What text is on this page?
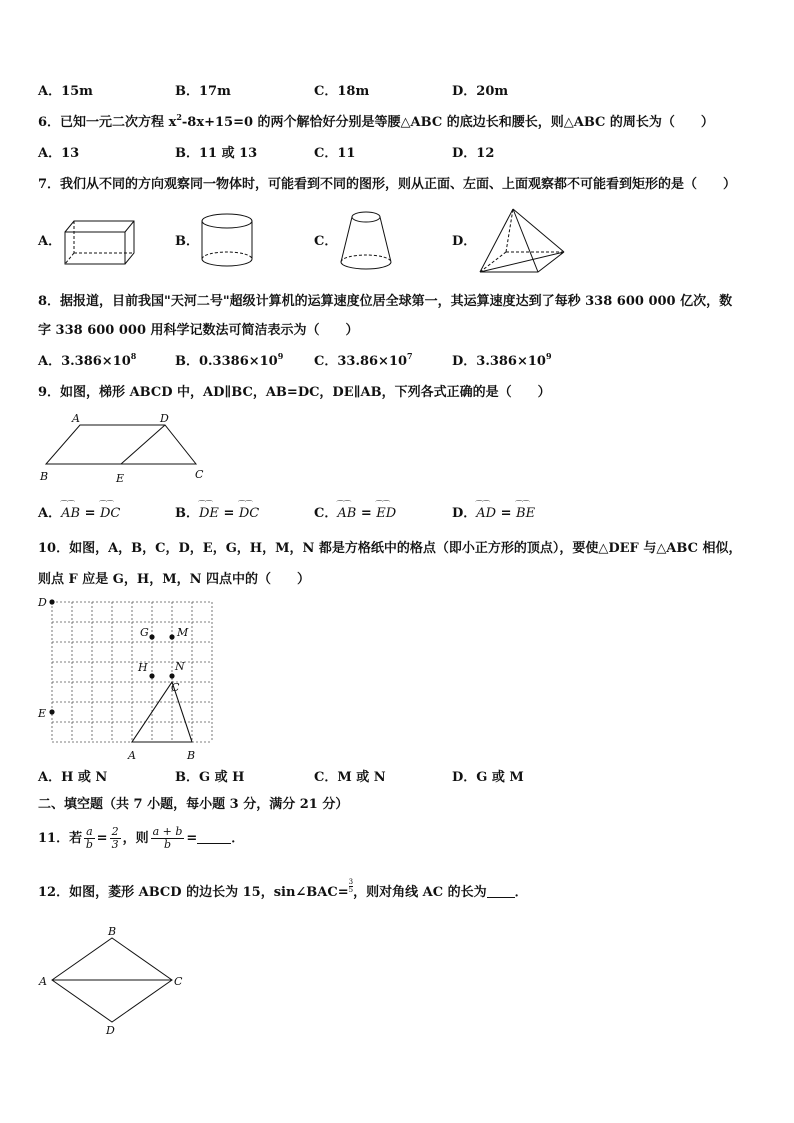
A．15m	B．17m	C．18m	D．20m
6．已知一元二次方程 $x^2-8x+15=0$ 的两个解恰好分别是等腰△ABC 的底边长和腰长，则△ABC 的周长为（　　）
A．13	B．11 或 13	C．11	D．12
7．我们从不同的方向观察同一物体时，可能看到不同的图形，则从正面、左面、上面观察都不可能看到矩形的是（　　）
A．	B．	C．	D．
8．据报道，目前我国"天河二号"超级计算机的运算速度位居全球第一，其运算速度达到了每秒 338 600 000 亿次，数
字 338 600 000 用科学记数法可简洁表示为（　　）
A．$3.386\times 10^8$	B．$0.3386\times 10^9$ C．$33.86\times 10^7$	D．$3.386\times 10^9$
9．如图，梯形 ABCD 中，AD∥BC，AB=DC，DE∥AB，下列各式正确的是（　　）
A	D
B	E	C
A．⌒⌒ AB = ⌒⌒ DC	B．⌒⌒ DE = ⌒⌒ DC	C．⌒⌒ AB = ⌒⌒ ED	D．⌒⌒ AD = ⌒⌒ BE
10．如图，A，B，C，D，E，G，H，M，N 都是方格纸中的格点（即小正方形的顶点），要使△DEF 与△ABC 相似，
则点 F 应是 G，H，M，N 四点中的（　　）
D
E
G	M
H N
C
A	B
A．H 或 N	B．G 或 H	C．M 或 N	D．G 或 M
二、填空题（共 7 小题，每小题 3 分，满分 21 分）
11．若 $\frac{a}{b} = \frac{2}{3}$ ，则 $\frac{a + b}{b}$ =	．
12．如图，菱形 ABCD 的边长为 15，sin∠BAC= $\frac{3}{5}$ ，则对角线 AC 的长为 ．
B
A	C
D
